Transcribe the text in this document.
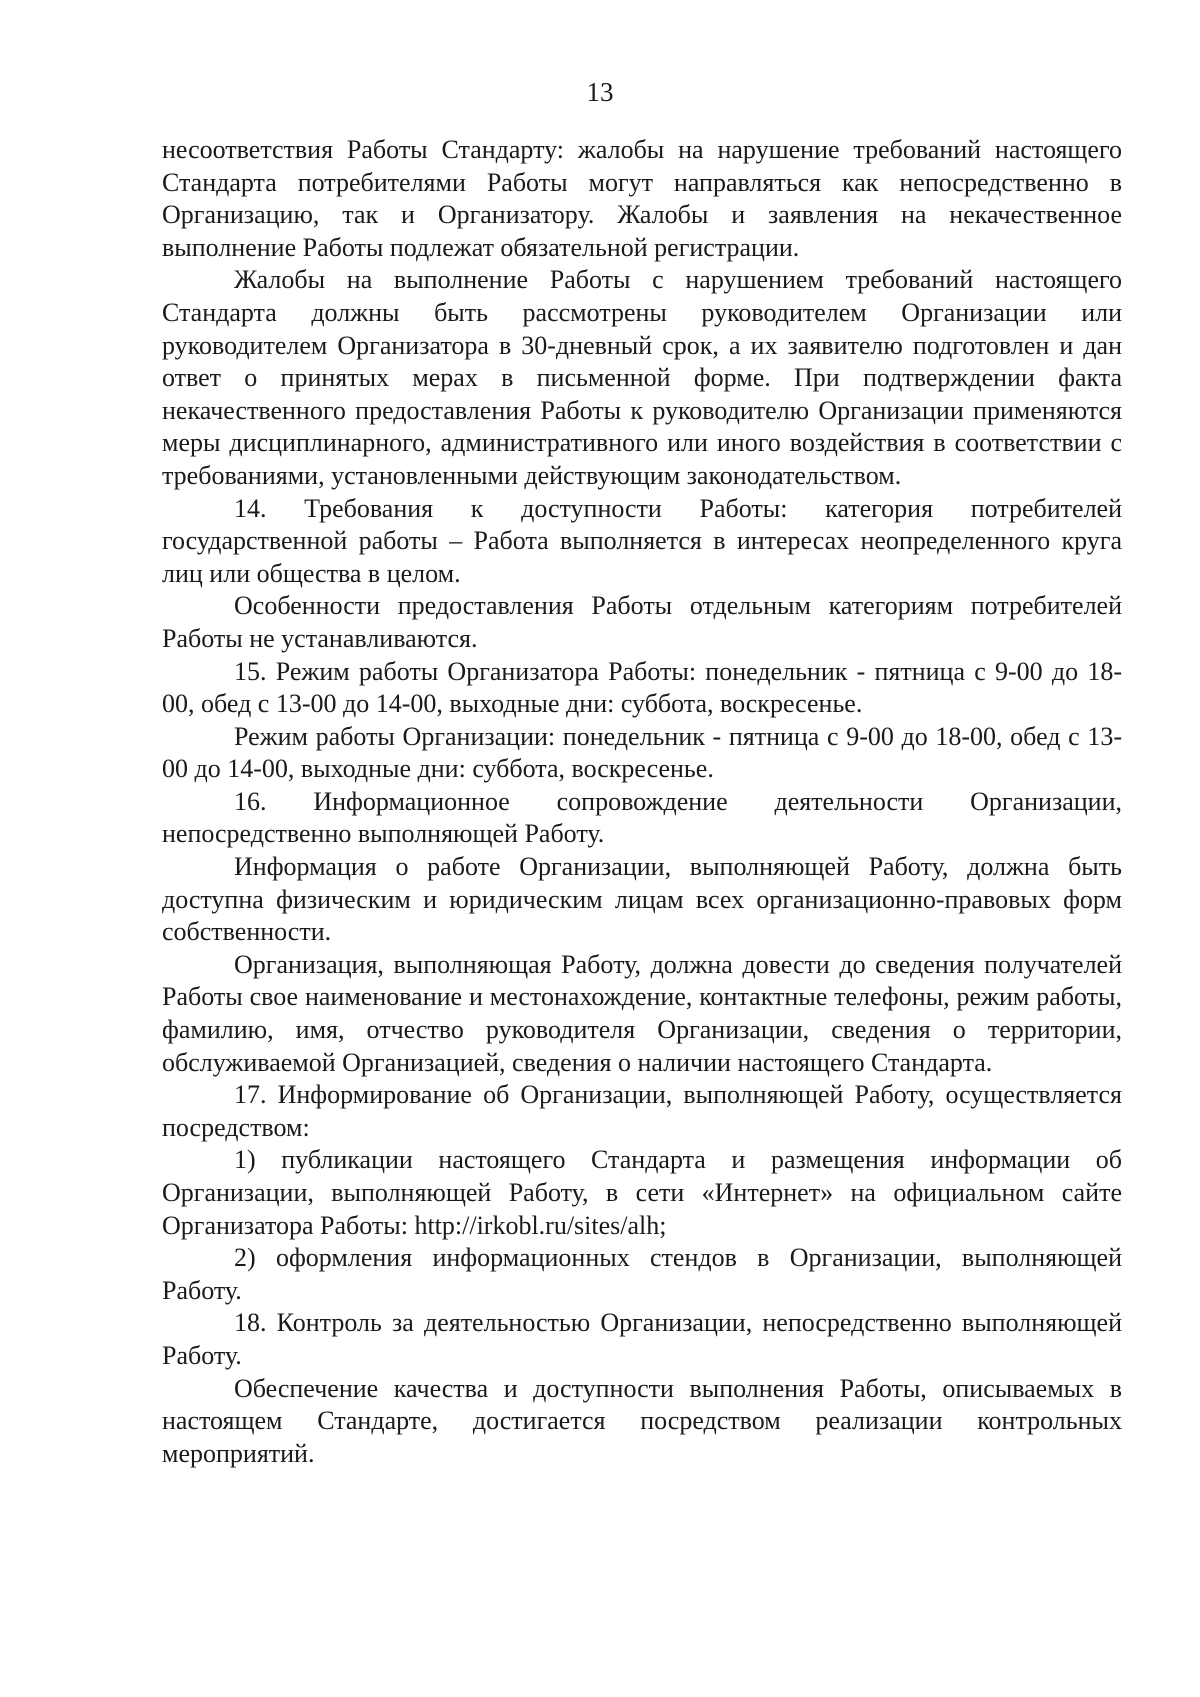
13

несоответствия Работы Стандарту: жалобы на нарушение требований настоящего Стандарта потребителями Работы могут направляться как непосредственно в Организацию, так и Организатору. Жалобы и заявления на некачественное выполнение Работы подлежат обязательной регистрации.

Жалобы на выполнение Работы с нарушением требований настоящего Стандарта должны быть рассмотрены руководителем Организации или руководителем Организатора в 30-дневный срок, а их заявителю подготовлен и дан ответ о принятых мерах в письменной форме. При подтверждении факта некачественного предоставления Работы к руководителю Организации применяются меры дисциплинарного, административного или иного воздействия в соответствии с требованиями, установленными действующим законодательством.

14. Требования к доступности Работы: категория потребителей государственной работы – Работа выполняется в интересах неопределенного круга лиц или общества в целом.

Особенности предоставления Работы отдельным категориям потребителей Работы не устанавливаются.

15. Режим работы Организатора Работы: понедельник - пятница с 9-00 до 18-00, обед с 13-00 до 14-00, выходные дни: суббота, воскресенье.

Режим работы Организации: понедельник - пятница с 9-00 до 18-00, обед с 13-00 до 14-00, выходные дни: суббота, воскресенье.

16. Информационное сопровождение деятельности Организации, непосредственно выполняющей Работу.

Информация о работе Организации, выполняющей Работу, должна быть доступна физическим и юридическим лицам всех организационно-правовых форм собственности.

Организация, выполняющая Работу, должна довести до сведения получателей Работы свое наименование и местонахождение, контактные телефоны, режим работы, фамилию, имя, отчество руководителя Организации, сведения о территории, обслуживаемой Организацией, сведения о наличии настоящего Стандарта.

17. Информирование об Организации, выполняющей Работу, осуществляется посредством:

1) публикации настоящего Стандарта и размещения информации об Организации, выполняющей Работу, в сети «Интернет» на официальном сайте Организатора Работы: http://irkobl.ru/sites/alh;

2) оформления информационных стендов в Организации, выполняющей Работу.

18. Контроль за деятельностью Организации, непосредственно выполняющей Работу.

Обеспечение качества и доступности выполнения Работы, описываемых в настоящем Стандарте, достигается посредством реализации контрольных мероприятий.
